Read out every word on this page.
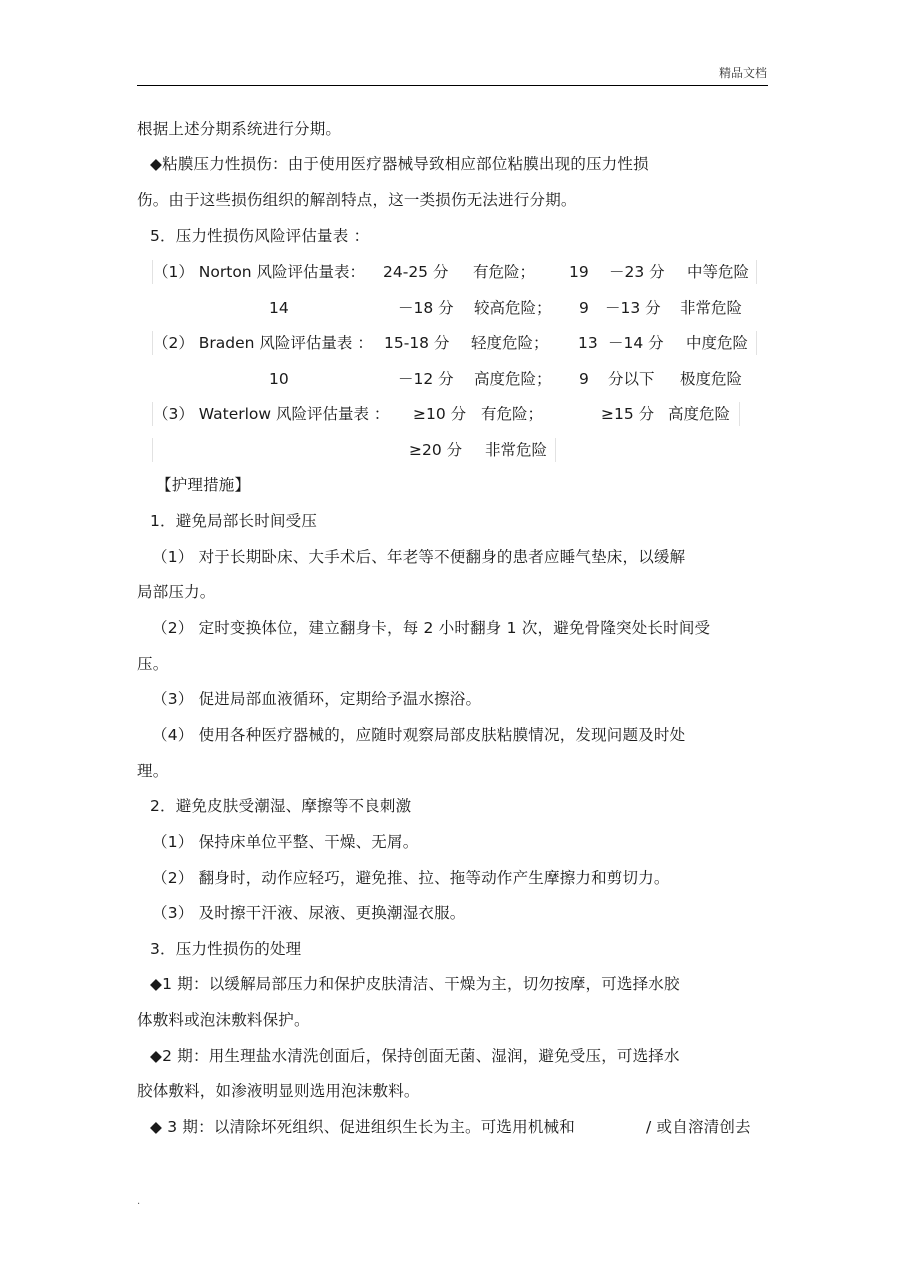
精品文档
根据上述分期系统进行分期。
◆粘膜压力性损伤：由于使用医疗器械导致相应部位粘膜出现的压力性损
伤。由于这些损伤组织的解剖特点，这一类损伤无法进行分期。
5．压力性损伤风险评估量表 ：
（1） Norton 风险评估量表： 24-25 分 有危险； 19 －23 分 中等危险
14	－18 分 较高危险； 9 －13 分 非常危险
（2） Braden 风险评估量表 ： 15-18 分 轻度危险； 13 －14 分 中度危险
10	－12 分 高度危险； 9 分以下 极度危险
（3） Waterlow 风险评估量表 ： ≥10 分 有危险；	≥15 分 高度危险
≥20 分 非常危险
【护理措施】
1．避免局部长时间受压
（1） 对于长期卧床、大手术后、年老等不便翻身的患者应睡气垫床，以缓解
局部压力。
（2） 定时变换体位，建立翻身卡，每 2 小时翻身 1 次，避免骨隆突处长时间受
压。
（3） 促进局部血液循环，定期给予温水擦浴。
（4） 使用各种医疗器械的，应随时观察局部皮肤粘膜情况，发现问题及时处
理。
2．避免皮肤受潮湿、摩擦等不良刺激
（1） 保持床单位平整、干燥、无屑。
（2） 翻身时，动作应轻巧，避免推、拉、拖等动作产生摩擦力和剪切力。
（3） 及时擦干汗液、尿液、更换潮湿衣服。
3．压力性损伤的处理
◆1 期：以缓解局部压力和保护皮肤清洁、干燥为主，切勿按摩，可选择水胶
体敷料或泡沫敷料保护。
◆2 期：用生理盐水清洗创面后，保持创面无菌、湿润，避免受压，可选择水
胶体敷料，如渗液明显则选用泡沫敷料。
◆ 3 期：以清除坏死组织、促进组织生长为主。可选用机械和	/ 或自溶清创去
.
